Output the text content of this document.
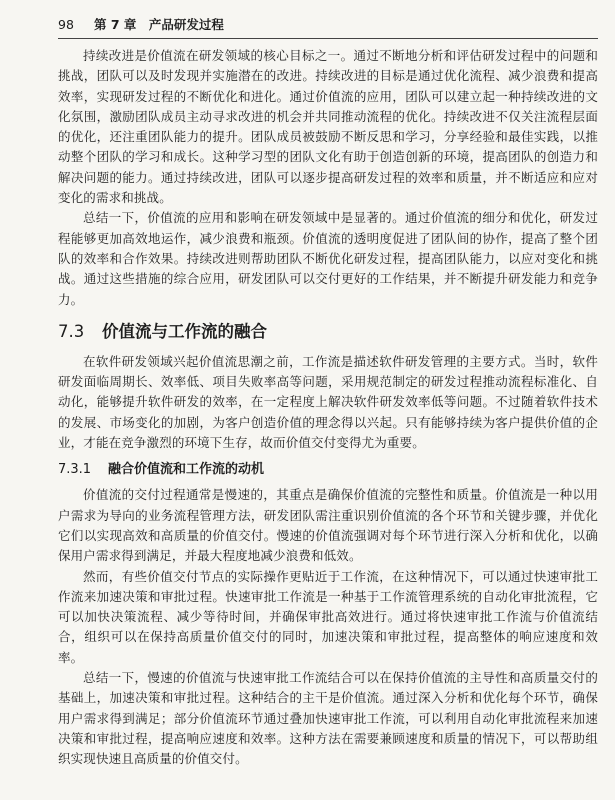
98 第 7 章　产品研发过程

持续改进是价值流在研发领域的核心目标之一。通过不断地分析和评估研发过程中的问题和挑战，团队可以及时发现并实施潜在的改进。持续改进的目标是通过优化流程、减少浪费和提高效率，实现研发过程的不断优化和进化。通过价值流的应用，团队可以建立起一种持续改进的文化氛围，激励团队成员主动寻求改进的机会并共同推动流程的优化。持续改进不仅关注流程层面的优化，还注重团队能力的提升。团队成员被鼓励不断反思和学习，分享经验和最佳实践，以推动整个团队的学习和成长。这种学习型的团队文化有助于创造创新的环境，提高团队的创造力和解决问题的能力。通过持续改进，团队可以逐步提高研发过程的效率和质量，并不断适应和应对变化的需求和挑战。

总结一下，价值流的应用和影响在研发领域中是显著的。通过价值流的细分和优化，研发过程能够更加高效地运作，减少浪费和瓶颈。价值流的透明度促进了团队间的协作，提高了整个团队的效率和合作效果。持续改进则帮助团队不断优化研发过程，提高团队能力，以应对变化和挑战。通过这些措施的综合应用，研发团队可以交付更好的工作结果，并不断提升研发能力和竞争力。

7.3 价值流与工作流的融合

在软件研发领域兴起价值流思潮之前，工作流是描述软件研发管理的主要方式。当时，软件研发面临周期长、效率低、项目失败率高等问题，采用规范制定的研发过程推动流程标准化、自动化，能够提升软件研发的效率，在一定程度上解决软件研发效率低等问题。不过随着软件技术的发展、市场变化的加剧，为客户创造价值的理念得以兴起。只有能够持续为客户提供价值的企业，才能在竞争激烈的环境下生存，故而价值交付变得尤为重要。

7.3.1 融合价值流和工作流的动机

价值流的交付过程通常是慢速的，其重点是确保价值流的完整性和质量。价值流是一种以用户需求为导向的业务流程管理方法，研发团队需注重识别价值流的各个环节和关键步骤，并优化它们以实现高效和高质量的价值交付。慢速的价值流强调对每个环节进行深入分析和优化，以确保用户需求得到满足，并最大程度地减少浪费和低效。

然而，有些价值交付节点的实际操作更贴近于工作流，在这种情况下，可以通过快速审批工作流来加速决策和审批过程。快速审批工作流是一种基于工作流管理系统的自动化审批流程，它可以加快决策流程、减少等待时间，并确保审批高效进行。通过将快速审批工作流与价值流结合，组织可以在保持高质量价值交付的同时，加速决策和审批过程，提高整体的响应速度和效率。

总结一下，慢速的价值流与快速审批工作流结合可以在保持价值流的主导性和高质量交付的基础上，加速决策和审批过程。这种结合的主干是价值流。通过深入分析和优化每个环节，确保用户需求得到满足；部分价值流环节通过叠加快速审批工作流，可以利用自动化审批流程来加速决策和审批过程，提高响应速度和效率。这种方法在需要兼顾速度和质量的情况下，可以帮助组织实现快速且高质量的价值交付。
